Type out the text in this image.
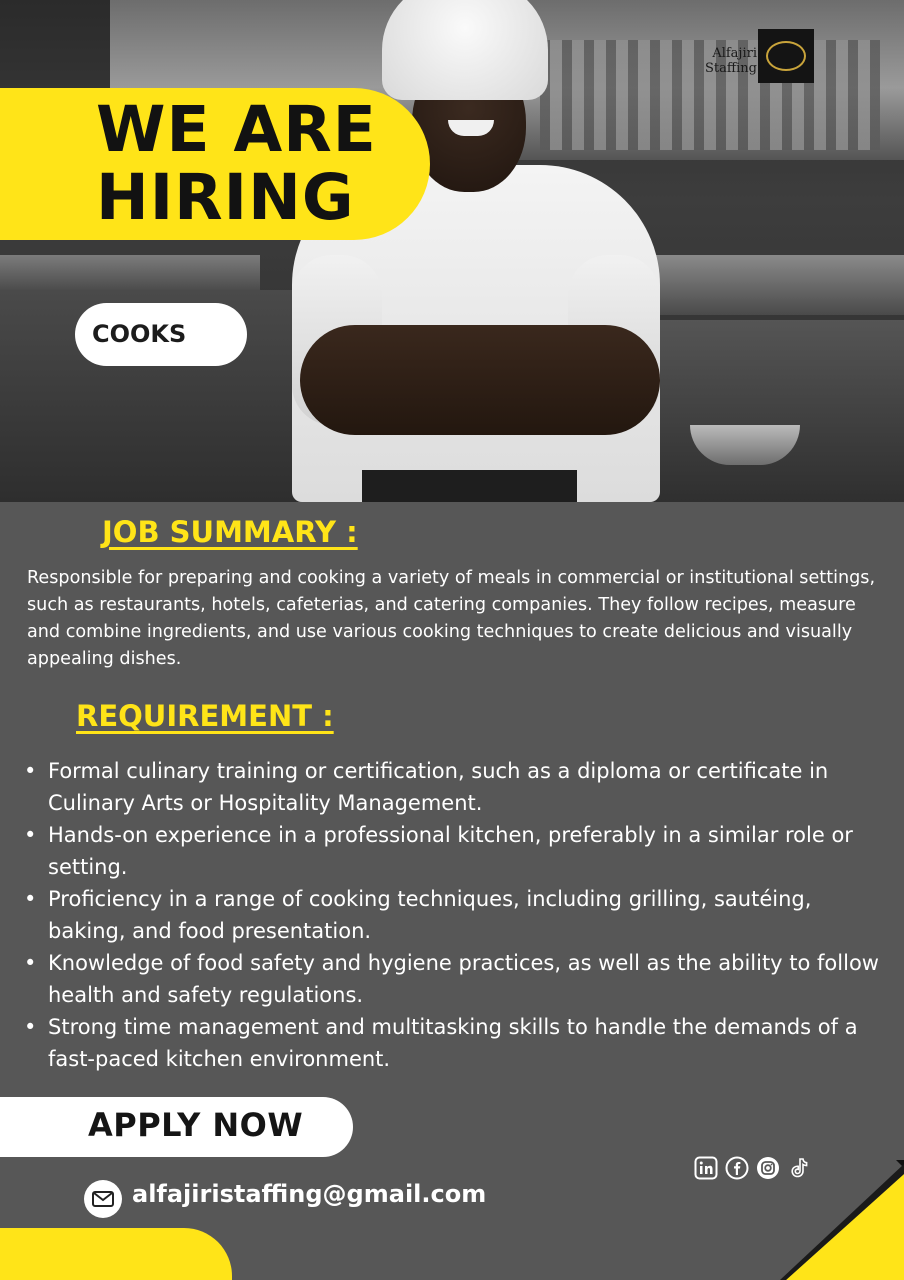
WE ARE
HIRING
COOKS
Alfajiri
Staffing
JOB SUMMARY :

Responsible for preparing and cooking a variety of meals in commercial or institutional settings, such as restaurants, hotels, cafeterias, and catering companies. They follow recipes, measure and combine ingredients, and use various cooking techniques to create delicious and visually appealing dishes.

REQUIREMENT :
• Formal culinary training or certification, such as a diploma or certificate in Culinary Arts or Hospitality Management.
• Hands-on experience in a professional kitchen, preferably in a similar role or setting.
• Proficiency in a range of cooking techniques, including grilling, sautéing, baking, and food presentation.
• Knowledge of food safety and hygiene practices, as well as the ability to follow health and safety regulations.
• Strong time management and multitasking skills to handle the demands of a fast-paced kitchen environment.
APPLY NOW
alfajiristaffing@gmail.com
